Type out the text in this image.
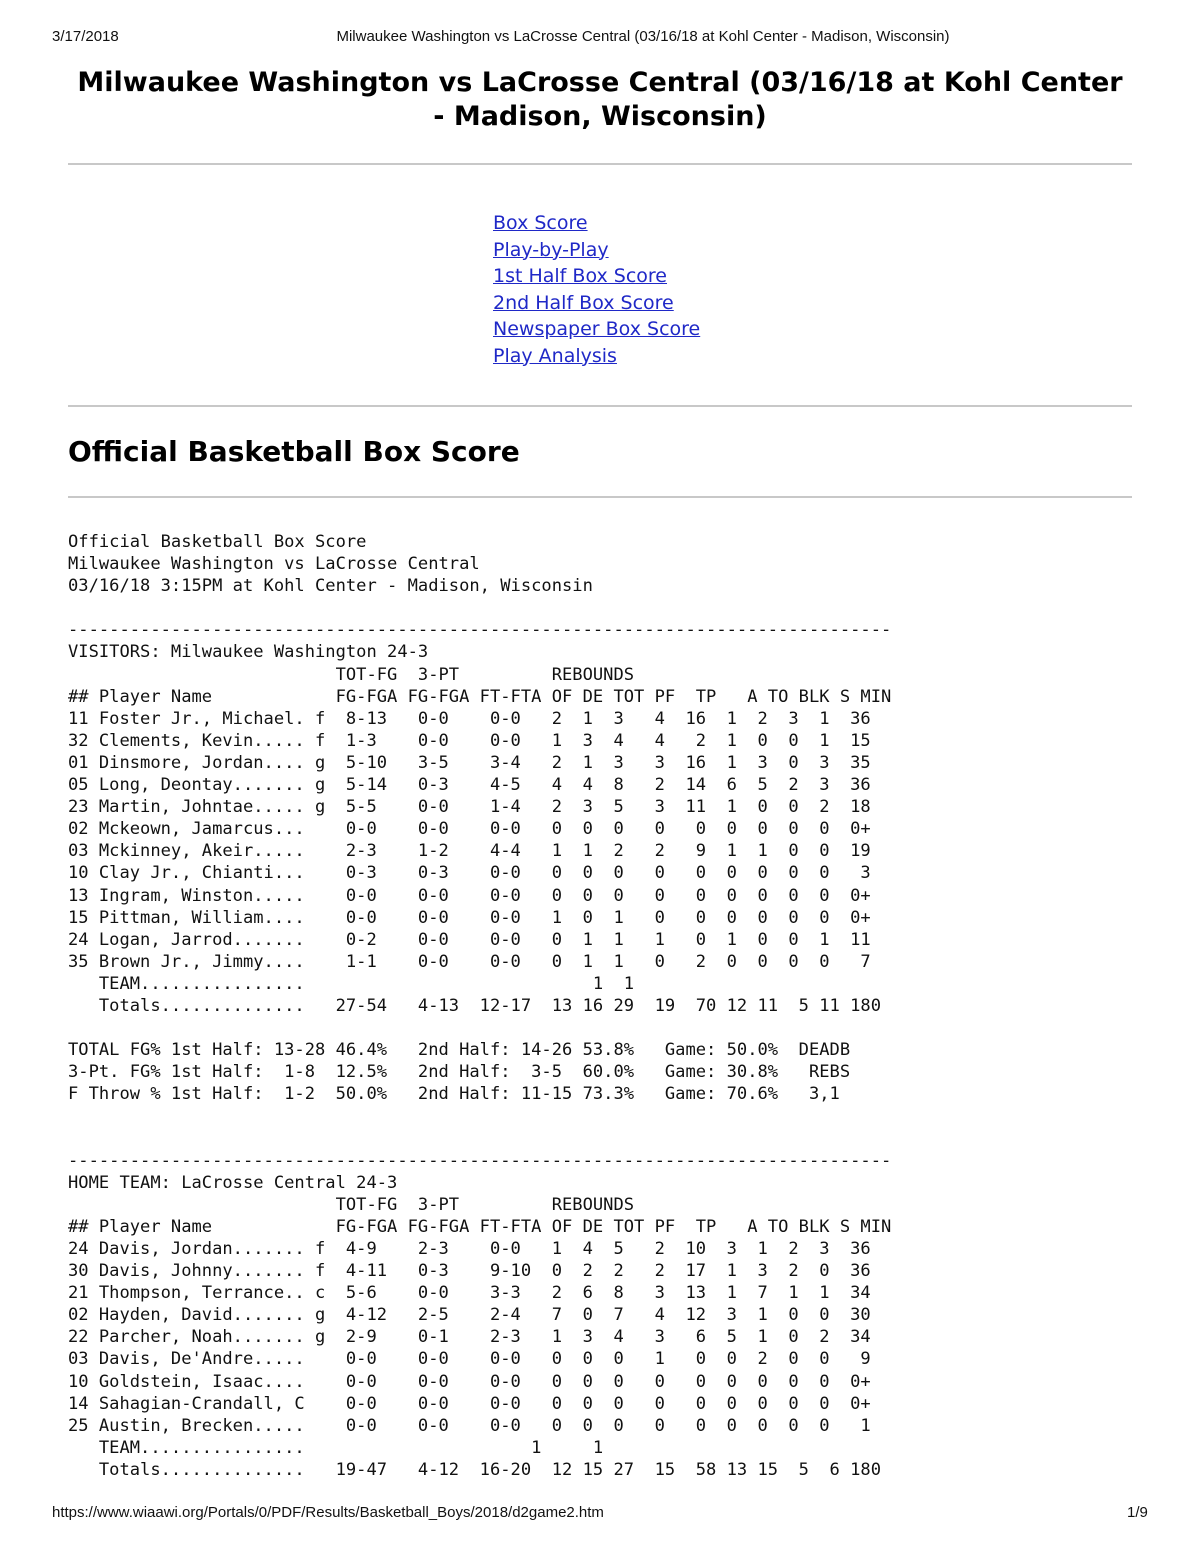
3/17/2018	Milwaukee Washington vs LaCrosse Central (03/16/18 at Kohl Center - Madison, Wisconsin)
Milwaukee Washington vs LaCrosse Central (03/16/18 at Kohl Center - Madison, Wisconsin)
Box Score
Play-by-Play
1st Half Box Score
2nd Half Box Score
Newspaper Box Score
Play Analysis
Official Basketball Box Score
Official Basketball Box Score
Milwaukee Washington vs LaCrosse Central
03/16/18 3:15PM at Kohl Center - Madison, Wisconsin
--------------------------------------------------------------------------------
VISITORS: Milwaukee Washington 24-3
TOT-FG  3-PT         REBOUNDS
## Player Name            FG-FGA FG-FGA FT-FTA OF DE TOT PF  TP   A TO BLK S MIN
11 Foster Jr., Michael. f  8-13   0-0    0-0   2  1  3   4  16  1  2  3  1  36
32 Clements, Kevin..... f  1-3    0-0    0-0   1  3  4   4   2  1  0  0  1  15
01 Dinsmore, Jordan.... g  5-10   3-5    3-4   2  1  3   3  16  1  3  0  3  35
05 Long, Deontay....... g  5-14   0-3    4-5   4  4  8   2  14  6  5  2  3  36
23 Martin, Johntae..... g  5-5    0-0    1-4   2  3  5   3  11  1  0  0  2  18
02 Mckeown, Jamarcus...    0-0    0-0    0-0   0  0  0   0   0  0  0  0  0  0+
03 Mckinney, Akeir.....    2-3    1-2    4-4   1  1  2   2   9  1  1  0  0  19
10 Clay Jr., Chianti...    0-3    0-3    0-0   0  0  0   0   0  0  0  0  0   3
13 Ingram, Winston.....    0-0    0-0    0-0   0  0  0   0   0  0  0  0  0  0+
15 Pittman, William....    0-0    0-0    0-0   1  0  1   0   0  0  0  0  0  0+
24 Logan, Jarrod.......    0-2    0-0    0-0   0  1  1   1   0  1  0  0  1  11
35 Brown Jr., Jimmy....    1-1    0-0    0-0   0  1  1   0   2  0  0  0  0   7
TEAM................                            1  1
Totals..............   27-54   4-13  12-17  13 16 29  19  70 12 11  5 11 180
TOTAL FG% 1st Half: 13-28 46.4%   2nd Half: 14-26 53.8%   Game: 50.0%  DEADB
3-Pt. FG% 1st Half:  1-8  12.5%   2nd Half:  3-5  60.0%   Game: 30.8%   REBS
F Throw % 1st Half:  1-2  50.0%   2nd Half: 11-15 73.3%   Game: 70.6%   3,1
--------------------------------------------------------------------------------
HOME TEAM: LaCrosse Central 24-3
TOT-FG  3-PT         REBOUNDS
## Player Name            FG-FGA FG-FGA FT-FTA OF DE TOT PF  TP   A TO BLK S MIN
24 Davis, Jordan....... f  4-9    2-3    0-0   1  4  5   2  10  3  1  2  3  36
30 Davis, Johnny....... f  4-11   0-3    9-10  0  2  2   2  17  1  3  2  0  36
21 Thompson, Terrance.. c  5-6    0-0    3-3   2  6  8   3  13  1  7  1  1  34
02 Hayden, David....... g  4-12   2-5    2-4   7  0  7   4  12  3  1  0  0  30
22 Parcher, Noah....... g  2-9    0-1    2-3   1  3  4   3   6  5  1  0  2  34
03 Davis, De'Andre.....    0-0    0-0    0-0   0  0  0   1   0  0  2  0  0   9
10 Goldstein, Isaac....    0-0    0-0    0-0   0  0  0   0   0  0  0  0  0  0+
14 Sahagian-Crandall, C    0-0    0-0    0-0   0  0  0   0   0  0  0  0  0  0+
25 Austin, Brecken.....    0-0    0-0    0-0   0  0  0   0   0  0  0  0  0   1
TEAM................                      1     1
Totals..............   19-47   4-12  16-20  12 15 27  15  58 13 15  5  6 180
https://www.wiaawi.org/Portals/0/PDF/Results/Basketball_Boys/2018/d2game2.htm	1/9
